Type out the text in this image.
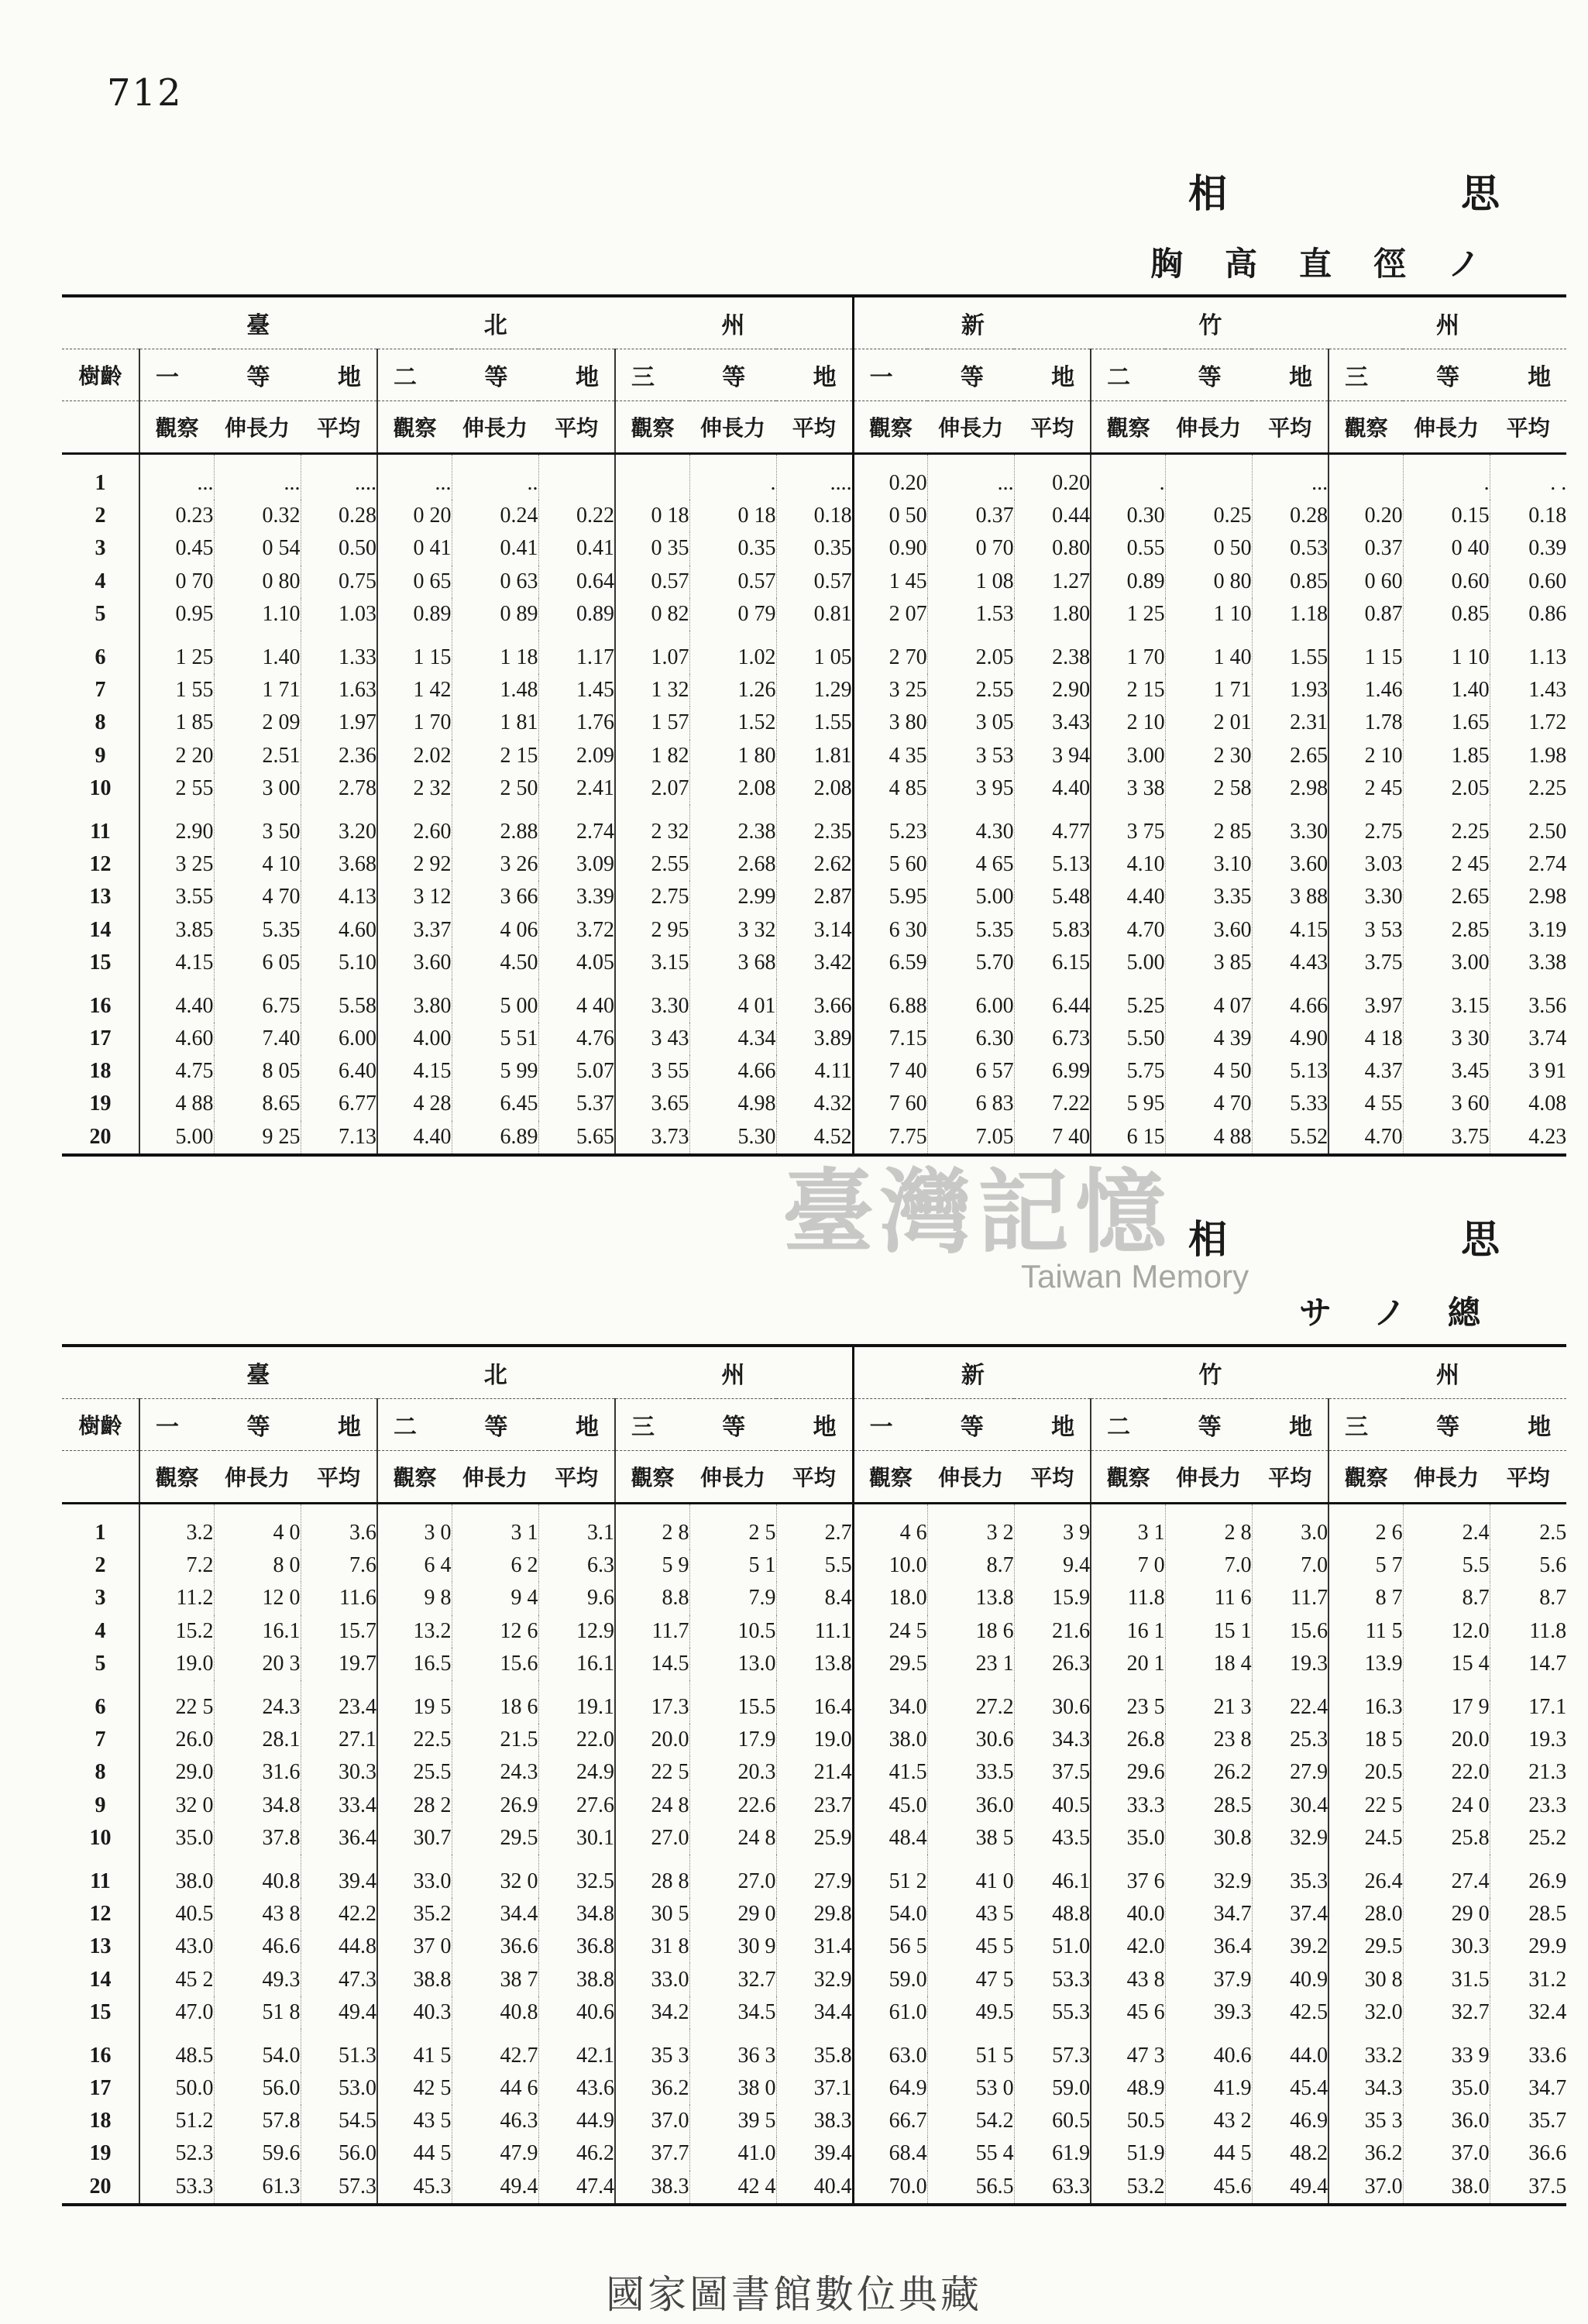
712
相	思
胸 高 直 徑 ノ

	臺 北 州									新 竹 州								

樹齡	一 等 地			二 等 地			三 等 地			一 等 地			二 等 地			三 等 地		

	觀察	伸長力	平均	觀察	伸長力	平均	觀察	伸長力	平均	觀察	伸長力	平均	觀察	伸長力	平均	觀察	伸長力	平均
1	...	...	....	...	..			.	....	0.20	...	0.20	.		...		.	. .
2	0.23	0.32	0.28	0 20	0.24	0.22	0 18	0 18	0.18	0 50	0.37	0.44	0.30	0.25	0.28	0.20	0.15	0.18
3	0.45	0 54	0.50	0 41	0.41	0.41	0 35	0.35	0.35	0.90	0 70	0.80	0.55	0 50	0.53	0.37	0 40	0.39
4	0 70	0 80	0.75	0 65	0 63	0.64	0.57	0.57	0.57	1 45	1 08	1.27	0.89	0 80	0.85	0 60	0.60	0.60
5	0.95	1.10	1.03	0.89	0 89	0.89	0 82	0 79	0.81	2 07	1.53	1.80	1 25	1 10	1.18	0.87	0.85	0.86
6	1 25	1.40	1.33	1 15	1 18	1.17	1.07	1.02	1 05	2 70	2.05	2.38	1 70	1 40	1.55	1 15	1 10	1.13
7	1 55	1 71	1.63	1 42	1.48	1.45	1 32	1.26	1.29	3 25	2.55	2.90	2 15	1 71	1.93	1.46	1.40	1.43
8	1 85	2 09	1.97	1 70	1 81	1.76	1 57	1.52	1.55	3 80	3 05	3.43	2 10	2 01	2.31	1.78	1.65	1.72
9	2 20	2.51	2.36	2.02	2 15	2.09	1 82	1 80	1.81	4 35	3 53	3 94	3.00	2 30	2.65	2 10	1.85	1.98
10	2 55	3 00	2.78	2 32	2 50	2.41	2.07	2.08	2.08	4 85	3 95	4.40	3 38	2 58	2.98	2 45	2.05	2.25
11	2.90	3 50	3.20	2.60	2.88	2.74	2 32	2.38	2.35	5.23	4.30	4.77	3 75	2 85	3.30	2.75	2.25	2.50
12	3 25	4 10	3.68	2 92	3 26	3.09	2.55	2.68	2.62	5 60	4 65	5.13	4.10	3.10	3.60	3.03	2 45	2.74
13	3.55	4 70	4.13	3 12	3 66	3.39	2.75	2.99	2.87	5.95	5.00	5.48	4.40	3.35	3 88	3.30	2.65	2.98
14	3.85	5.35	4.60	3.37	4 06	3.72	2 95	3 32	3.14	6 30	5.35	5.83	4.70	3.60	4.15	3 53	2.85	3.19
15	4.15	6 05	5.10	3.60	4.50	4.05	3.15	3 68	3.42	6.59	5.70	6.15	5.00	3 85	4.43	3.75	3.00	3.38
16	4.40	6.75	5.58	3.80	5 00	4 40	3.30	4 01	3.66	6.88	6.00	6.44	5.25	4 07	4.66	3.97	3.15	3.56
17	4.60	7.40	6.00	4.00	5 51	4.76	3 43	4.34	3.89	7.15	6.30	6.73	5.50	4 39	4.90	4 18	3 30	3.74
18	4.75	8 05	6.40	4.15	5 99	5.07	3 55	4.66	4.11	7 40	6 57	6.99	5.75	4 50	5.13	4.37	3.45	3 91
19	4 88	8.65	6.77	4 28	6.45	5.37	3.65	4.98	4.32	7 60	6 83	7.22	5 95	4 70	5.33	4 55	3 60	4.08
20	5.00	9 25	7.13	4.40	6.89	5.65	3.73	5.30	4.52	7.75	7.05	7 40	6 15	4 88	5.52	4.70	3.75	4.23
相	思
サ ノ 總

	臺 北 州									新 竹 州								

樹齡	一 等 地			二 等 地			三 等 地			一 等 地			二 等 地			三 等 地		

	觀察	伸長力	平均	觀察	伸長力	平均	觀察	伸長力	平均	觀察	伸長力	平均	觀察	伸長力	平均	觀察	伸長力	平均
1	3.2	4 0	3.6	3 0	3 1	3.1	2 8	2 5	2.7	4 6	3 2	3 9	3 1	2 8	3.0	2 6	2.4	2.5
2	7.2	8 0	7.6	6 4	6 2	6.3	5 9	5 1	5.5	10.0	8.7	9.4	7 0	7.0	7.0	5 7	5.5	5.6
3	11.2	12 0	11.6	9 8	9 4	9.6	8.8	7.9	8.4	18.0	13.8	15.9	11.8	11 6	11.7	8 7	8.7	8.7
4	15.2	16.1	15.7	13.2	12 6	12.9	11.7	10.5	11.1	24 5	18 6	21.6	16 1	15 1	15.6	11 5	12.0	11.8
5	19.0	20 3	19.7	16.5	15.6	16.1	14.5	13.0	13.8	29.5	23 1	26.3	20 1	18 4	19.3	13.9	15 4	14.7
6	22 5	24.3	23.4	19 5	18 6	19.1	17.3	15.5	16.4	34.0	27.2	30.6	23 5	21 3	22.4	16.3	17 9	17.1
7	26.0	28.1	27.1	22.5	21.5	22.0	20.0	17.9	19.0	38.0	30.6	34.3	26.8	23 8	25.3	18 5	20.0	19.3
8	29.0	31.6	30.3	25.5	24.3	24.9	22 5	20.3	21.4	41.5	33.5	37.5	29.6	26.2	27.9	20.5	22.0	21.3
9	32 0	34.8	33.4	28 2	26.9	27.6	24 8	22.6	23.7	45.0	36.0	40.5	33.3	28.5	30.4	22 5	24 0	23.3
10	35.0	37.8	36.4	30.7	29.5	30.1	27.0	24 8	25.9	48.4	38 5	43.5	35.0	30.8	32.9	24.5	25.8	25.2
11	38.0	40.8	39.4	33.0	32 0	32.5	28 8	27.0	27.9	51 2	41 0	46.1	37 6	32.9	35.3	26.4	27.4	26.9
12	40.5	43 8	42.2	35.2	34.4	34.8	30 5	29 0	29.8	54.0	43 5	48.8	40.0	34.7	37.4	28.0	29 0	28.5
13	43.0	46.6	44.8	37 0	36.6	36.8	31 8	30 9	31.4	56 5	45 5	51.0	42.0	36.4	39.2	29.5	30.3	29.9
14	45 2	49.3	47.3	38.8	38 7	38.8	33.0	32.7	32.9	59.0	47 5	53.3	43 8	37.9	40.9	30 8	31.5	31.2
15	47.0	51 8	49.4	40.3	40.8	40.6	34.2	34.5	34.4	61.0	49.5	55.3	45 6	39.3	42.5	32.0	32.7	32.4
16	48.5	54.0	51.3	41 5	42.7	42.1	35 3	36 3	35.8	63.0	51 5	57.3	47 3	40.6	44.0	33.2	33 9	33.6
17	50.0	56.0	53.0	42 5	44 6	43.6	36.2	38 0	37.1	64.9	53 0	59.0	48.9	41.9	45.4	34.3	35.0	34.7
18	51.2	57.8	54.5	43 5	46.3	44.9	37.0	39 5	38.3	66.7	54.2	60.5	50.5	43 2	46.9	35 3	36.0	35.7
19	52.3	59.6	56.0	44 5	47.9	46.2	37.7	41.0	39.4	68.4	55 4	61.9	51.9	44 5	48.2	36.2	37.0	36.6
20	53.3	61.3	57.3	45.3	49.4	47.4	38.3	42 4	40.4	70.0	56.5	63.3	53.2	45.6	49.4	37.0	38.0	37.5
臺灣記憶
Taiwan Memory
國家圖書館數位典藏
